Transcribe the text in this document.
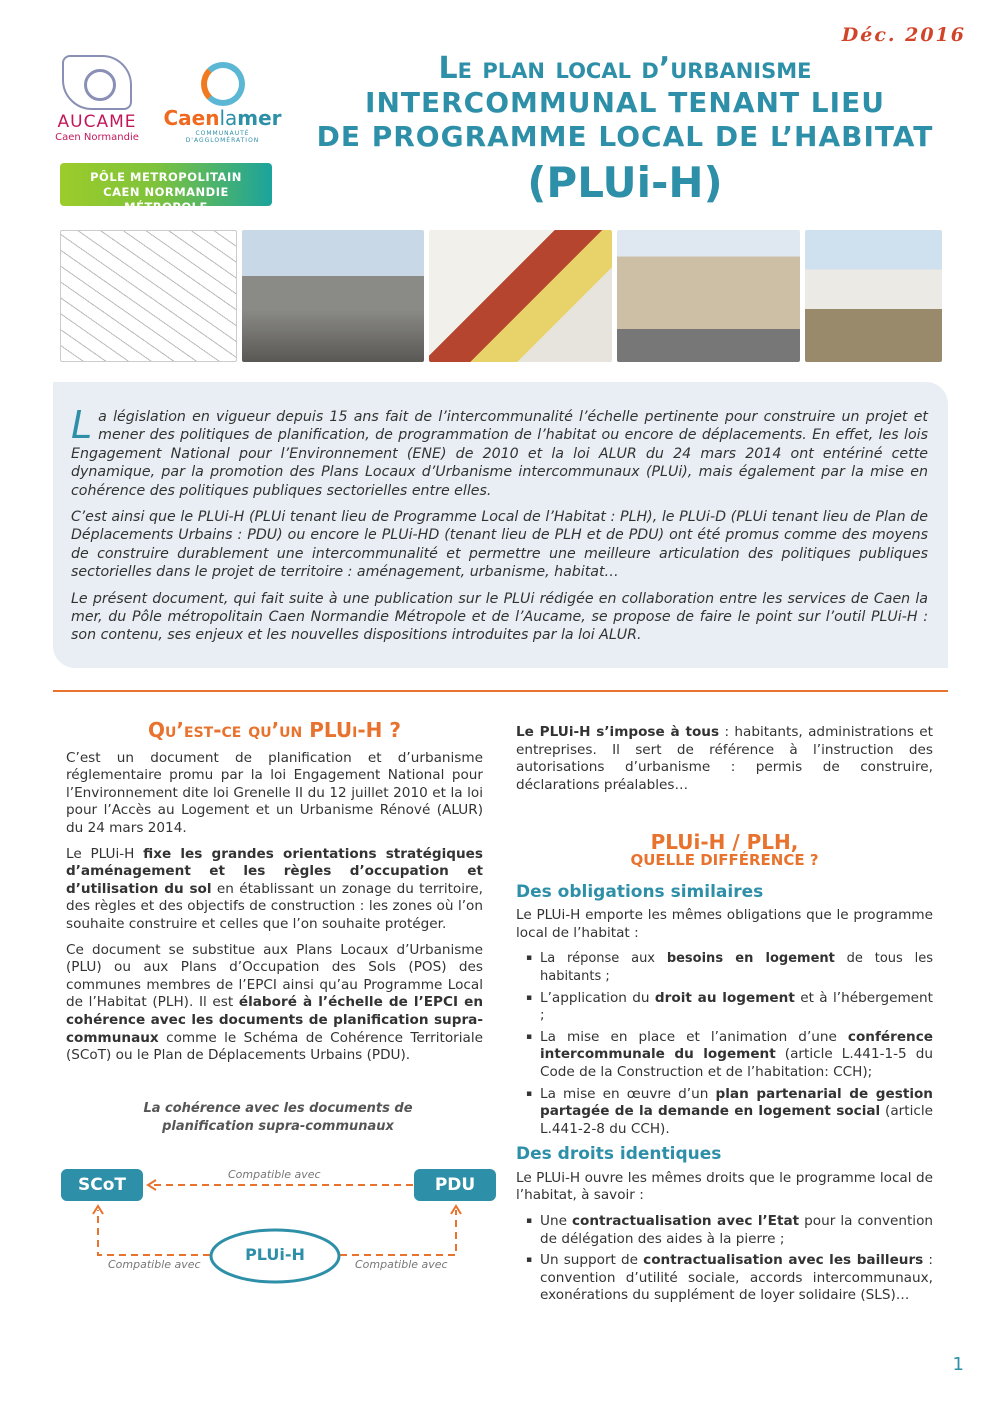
Déc. 2016
Le plan local d’urbanisme
INTERCOMMUNAL TENANT LIEU
DE PROGRAMME LOCAL DE L’HABITAT
(PLUi-H)
AUCAME
Caen Normandie
Caenlamer
COMMUNAUTÉ D'AGGLOMÉRATION
PÔLE METROPOLITAIN
CAEN NORMANDIE MÉTROPOLE

La législation en vigueur depuis 15 ans fait de l’intercommunalité l’échelle pertinente pour construire un projet et mener des politiques de planification, de programmation de l’habitat ou encore de déplacements. En effet, les lois Engagement National pour l’Environnement (ENE) de 2010 et la loi ALUR du 24 mars 2014 ont entériné cette dynamique, par la promotion des Plans Locaux d’Urbanisme intercommunaux (PLUi), mais également par la mise en cohérence des politiques publiques sectorielles entre elles.

C’est ainsi que le PLUi-H (PLUi tenant lieu de Programme Local de l’Habitat : PLH), le PLUi-D (PLUi tenant lieu de Plan de Déplacements Urbains : PDU) ou encore le PLUi-HD (tenant lieu de PLH et de PDU) ont été promus comme des moyens de construire durablement une intercommunalité et permettre une meilleure articulation des politiques publiques sectorielles dans le projet de territoire : aménagement, urbanisme, habitat…

Le présent document, qui fait suite à une publication sur le PLUi rédigée en collaboration entre les services de Caen la mer, du Pôle métropolitain Caen Normandie Métropole et de l’Aucame, se propose de faire le point sur l’outil PLUi-H : son contenu, ses enjeux et les nouvelles dispositions introduites par la loi ALUR.

Qu’est-ce qu’un PLUi-H ?

C’est un document de planification et d’urbanisme réglementaire promu par la loi Engagement National pour l’Environnement dite loi Grenelle II du 12 juillet 2010 et la loi pour l’Accès au Logement et un Urbanisme Rénové (ALUR) du 24 mars 2014.

Le PLUi-H fixe les grandes orientations stratégiques d’aménagement et les règles d’occupation et d’utilisation du sol en établissant un zonage du territoire, des règles et des objectifs de construction : les zones où l’on souhaite construire et celles que l’on souhaite protéger.

Ce document se substitue aux Plans Locaux d’Urbanisme (PLU) ou aux Plans d’Occupation des Sols (POS) des communes membres de l’EPCI ainsi qu’au Programme Local de l’Habitat (PLH). Il est élaboré à l’échelle de l’EPCI en cohérence avec les documents de planification supra-communaux comme le Schéma de Cohérence Territoriale (SCoT) ou le Plan de Déplacements Urbains (PDU).

La cohérence avec les documents de planification supra-communaux
SCoT	PDU
PLUi-H
Compatible avec
Compatible avec	Compatible avec

Le PLUi-H s’impose à tous : habitants, administrations et entreprises. Il sert de référence à l’instruction des autorisations d’urbanisme : permis de construire, déclarations préalables…

PLUi-H / PLH,
QUELLE DIFFÉRENCE ?
Des obligations similaires

Le PLUi-H emporte les mêmes obligations que le programme local de l’habitat :

▪ La réponse aux besoins en logement de tous les habitants ;
▪ L’application du droit au logement et à l’hébergement ;
▪ La mise en place et l’animation d’une conférence intercommunale du logement (article L.441-1-5 du Code de la Construction et de l’habitation: CCH);
▪ La mise en œuvre d’un plan partenarial de gestion partagée de la demande en logement social (article L.441-2-8 du CCH).
Des droits identiques

Le PLUi-H ouvre les mêmes droits que le programme local de l’habitat, à savoir :

▪ Une contractualisation avec l’Etat pour la convention de délégation des aides à la pierre ;
▪ Un support de contractualisation avec les bailleurs : convention d’utilité sociale, accords intercommunaux, exonérations du supplément de loyer solidaire (SLS)…
1
